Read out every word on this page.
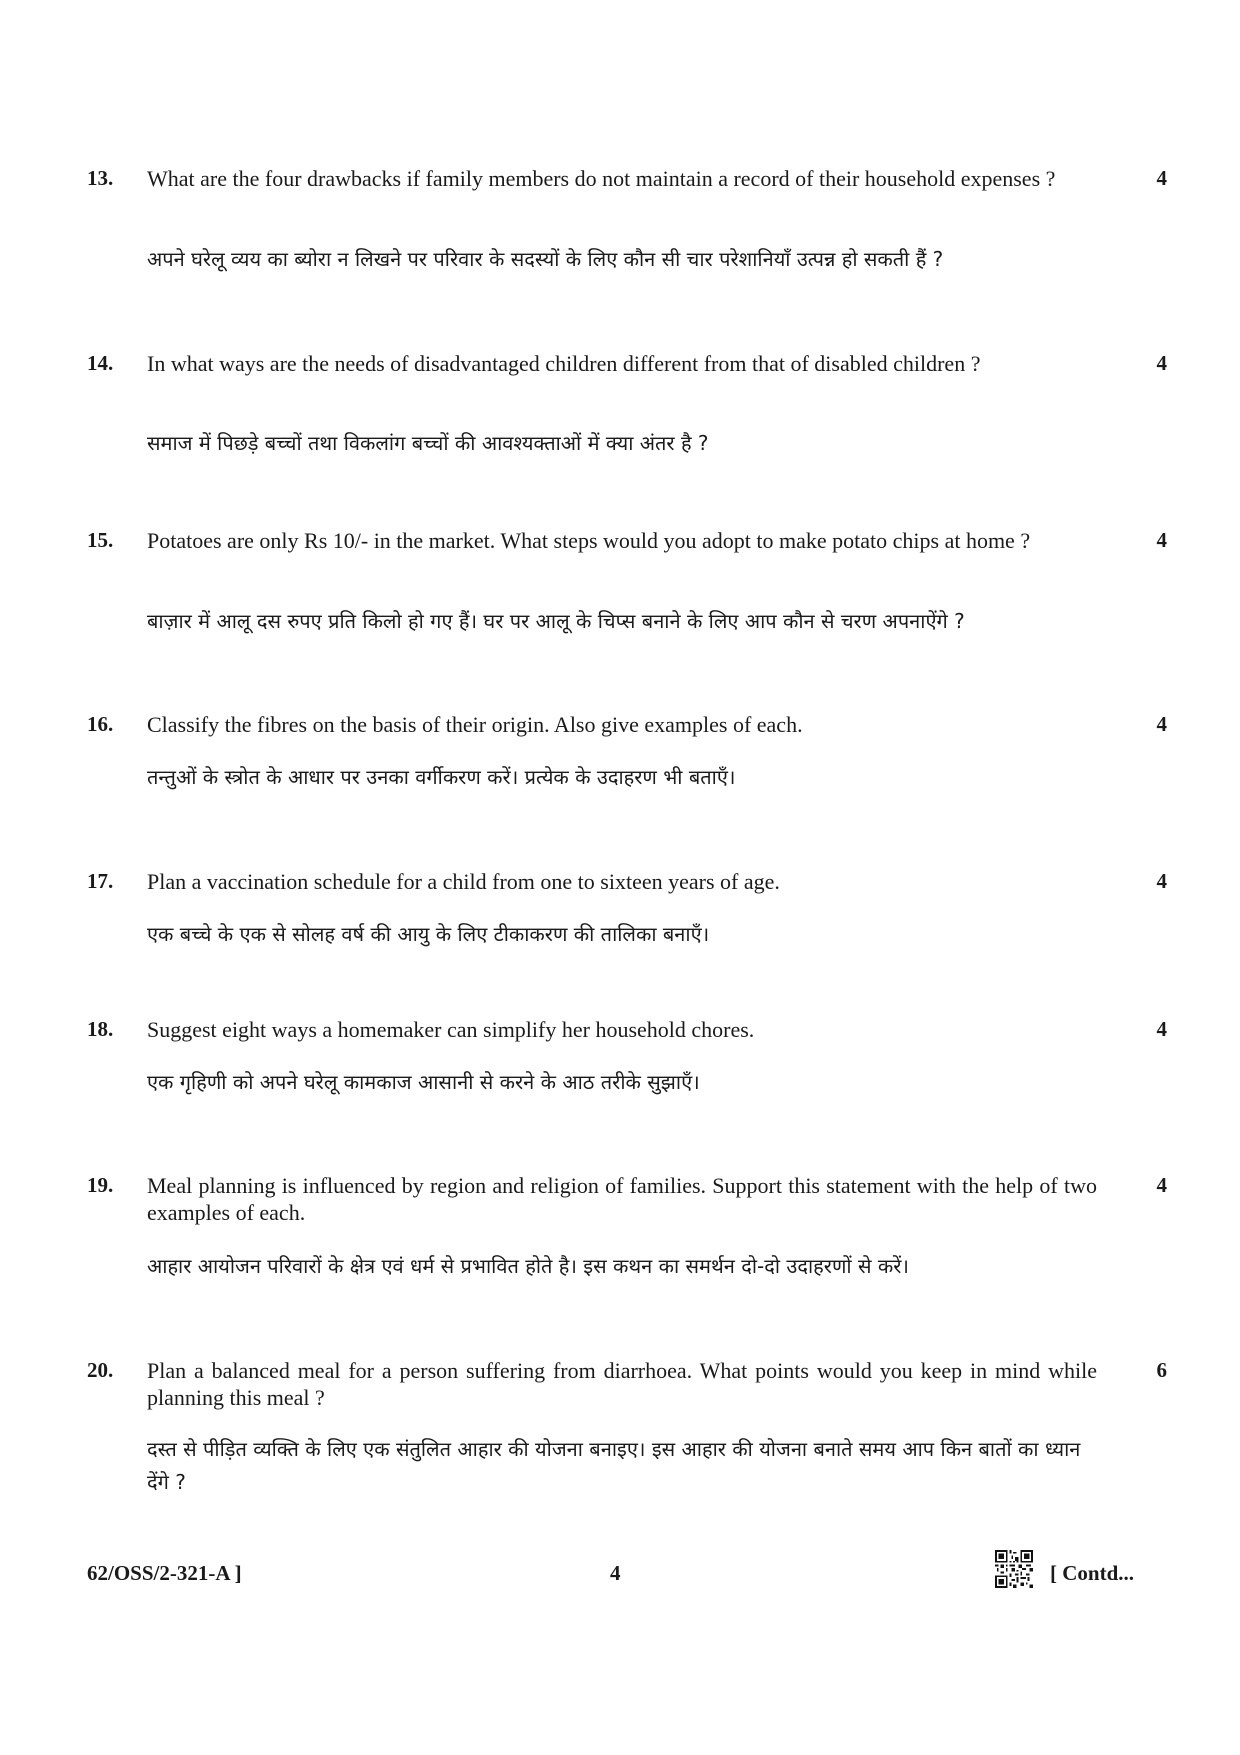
13. What are the four drawbacks if family members do not maintain a record of their household expenses ?
अपने घरेलू व्यय का ब्योरा न लिखने पर परिवार के सदस्यों के लिए कौन सी चार परेशानियाँ उत्पन्न हो सकती हैं ?
4
14. In what ways are the needs of disadvantaged children different from that of disabled children ?
समाज में पिछड़े बच्चों तथा विकलांग बच्चों की आवश्यक्ताओं में क्या अंतर है ?
4
15. Potatoes are only Rs 10/- in the market. What steps would you adopt to make potato chips at home ?
बाज़ार में आलू दस रुपए प्रति किलो हो गए हैं। घर पर आलू के चिप्स बनाने के लिए आप कौन से चरण अपनाऐंगे ?
4
16. Classify the fibres on the basis of their origin. Also give examples of each.
तन्तुओं के स्त्रोत के आधार पर उनका वर्गीकरण करें। प्रत्येक के उदाहरण भी बताएँ।
4
17. Plan a vaccination schedule for a child from one to sixteen years of age.
एक बच्चे के एक से सोलह वर्ष की आयु के लिए टीकाकरण की तालिका बनाएँ।
4
18. Suggest eight ways a homemaker can simplify her household chores.
एक गृहिणी को अपने घरेलू कामकाज आसानी से करने के आठ तरीके सुझाएँ।
4
19. Meal planning is influenced by region and religion of families. Support this statement with the help of two examples of each.
आहार आयोजन परिवारों के क्षेत्र एवं धर्म से प्रभावित होते है। इस कथन का समर्थन दो-दो उदाहरणों से करें।
4
20. Plan a balanced meal for a person suffering from diarrhoea. What points would you keep in mind while planning this meal ?
दस्त से पीड़ित व्यक्ति के लिए एक संतुलित आहार की योजना बनाइए। इस आहार की योजना बनाते समय आप किन बातों का ध्यान देंगे ?
6
62/OSS/2-321-A ]	4	[ Contd...
